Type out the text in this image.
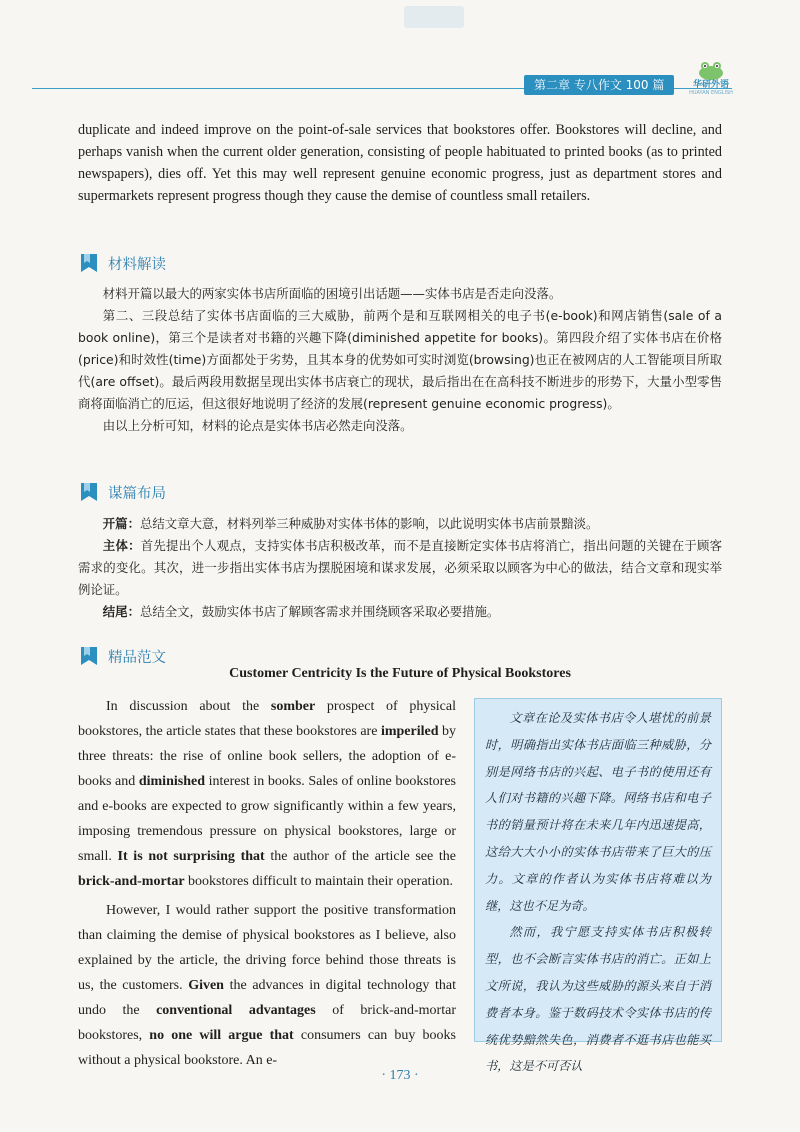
第二章 专八作文 100 篇	华研外语
HUAYAN ENGLISH
duplicate and indeed improve on the point-of-sale services that bookstores offer. Bookstores will decline, and perhaps vanish when the current older generation, consisting of people habituated to printed books (as to printed newspapers), dies off. Yet this may well represent genuine economic progress, just as department stores and supermarkets represent progress though they cause the demise of countless small retailers.
材料解读

材料开篇以最大的两家实体书店所面临的困境引出话题——实体书店是否走向没落。

第二、三段总结了实体书店面临的三大威胁，前两个是和互联网相关的电子书(e-book)和网店销售(sale of a book online)，第三个是读者对书籍的兴趣下降(diminished appetite for books)。第四段介绍了实体书店在价格(price)和时效性(time)方面都处于劣势，且其本身的优势如可实时浏览(browsing)也正在被网店的人工智能项目所取代(are offset)。最后两段用数据呈现出实体书店衰亡的现状，最后指出在在高科技不断进步的形势下，大量小型零售商将面临消亡的厄运，但这很好地说明了经济的发展(represent genuine economic progress)。

由以上分析可知，材料的论点是实体书店必然走向没落。

谋篇布局

开篇：总结文章大意，材料列举三种威胁对实体书体的影响，以此说明实体书店前景黯淡。

主体：首先提出个人观点，支持实体书店积极改革，而不是直接断定实体书店将消亡，指出问题的关键在于顾客需求的变化。其次，进一步指出实体书店为摆脱困境和谋求发展，必须采取以顾客为中心的做法，结合文章和现实举例论证。

结尾：总结全文，鼓励实体书店了解顾客需求并围绕顾客采取必要措施。

精品范文
Customer Centricity Is the Future of Physical Bookstores

In discussion about the somber prospect of physical bookstores, the article states that these bookstores are imperiled by three threats: the rise of online book sellers, the adoption of e-books and diminished interest in books. Sales of online bookstores and e-books are expected to grow significantly within a few years, imposing tremendous pressure on physical bookstores, large or small. It is not surprising that the author of the article see the brick-and-mortar bookstores difficult to maintain their operation.

However, I would rather support the positive transformation than claiming the demise of physical bookstores as I believe, also explained by the article, the driving force behind those threats is us, the customers. Given the advances in digital technology that undo the conventional advantages of brick-and-mortar bookstores, no one will argue that consumers can buy books without a physical bookstore. An e-

文章在论及实体书店令人堪忧的前景时，明确指出实体书店面临三种威胁，分别是网络书店的兴起、电子书的使用还有人们对书籍的兴趣下降。网络书店和电子书的销量预计将在未来几年内迅速提高，这给大大小小的实体书店带来了巨大的压力。文章的作者认为实体书店将难以为继，这也不足为奇。

然而，我宁愿支持实体书店积极转型，也不会断言实体书店的消亡。正如上文所说，我认为这些威胁的源头来自于消费者本身。鉴于数码技术令实体书店的传统优势黯然失色，消费者不逛书店也能买书，这是不可否认

· 173 ·
